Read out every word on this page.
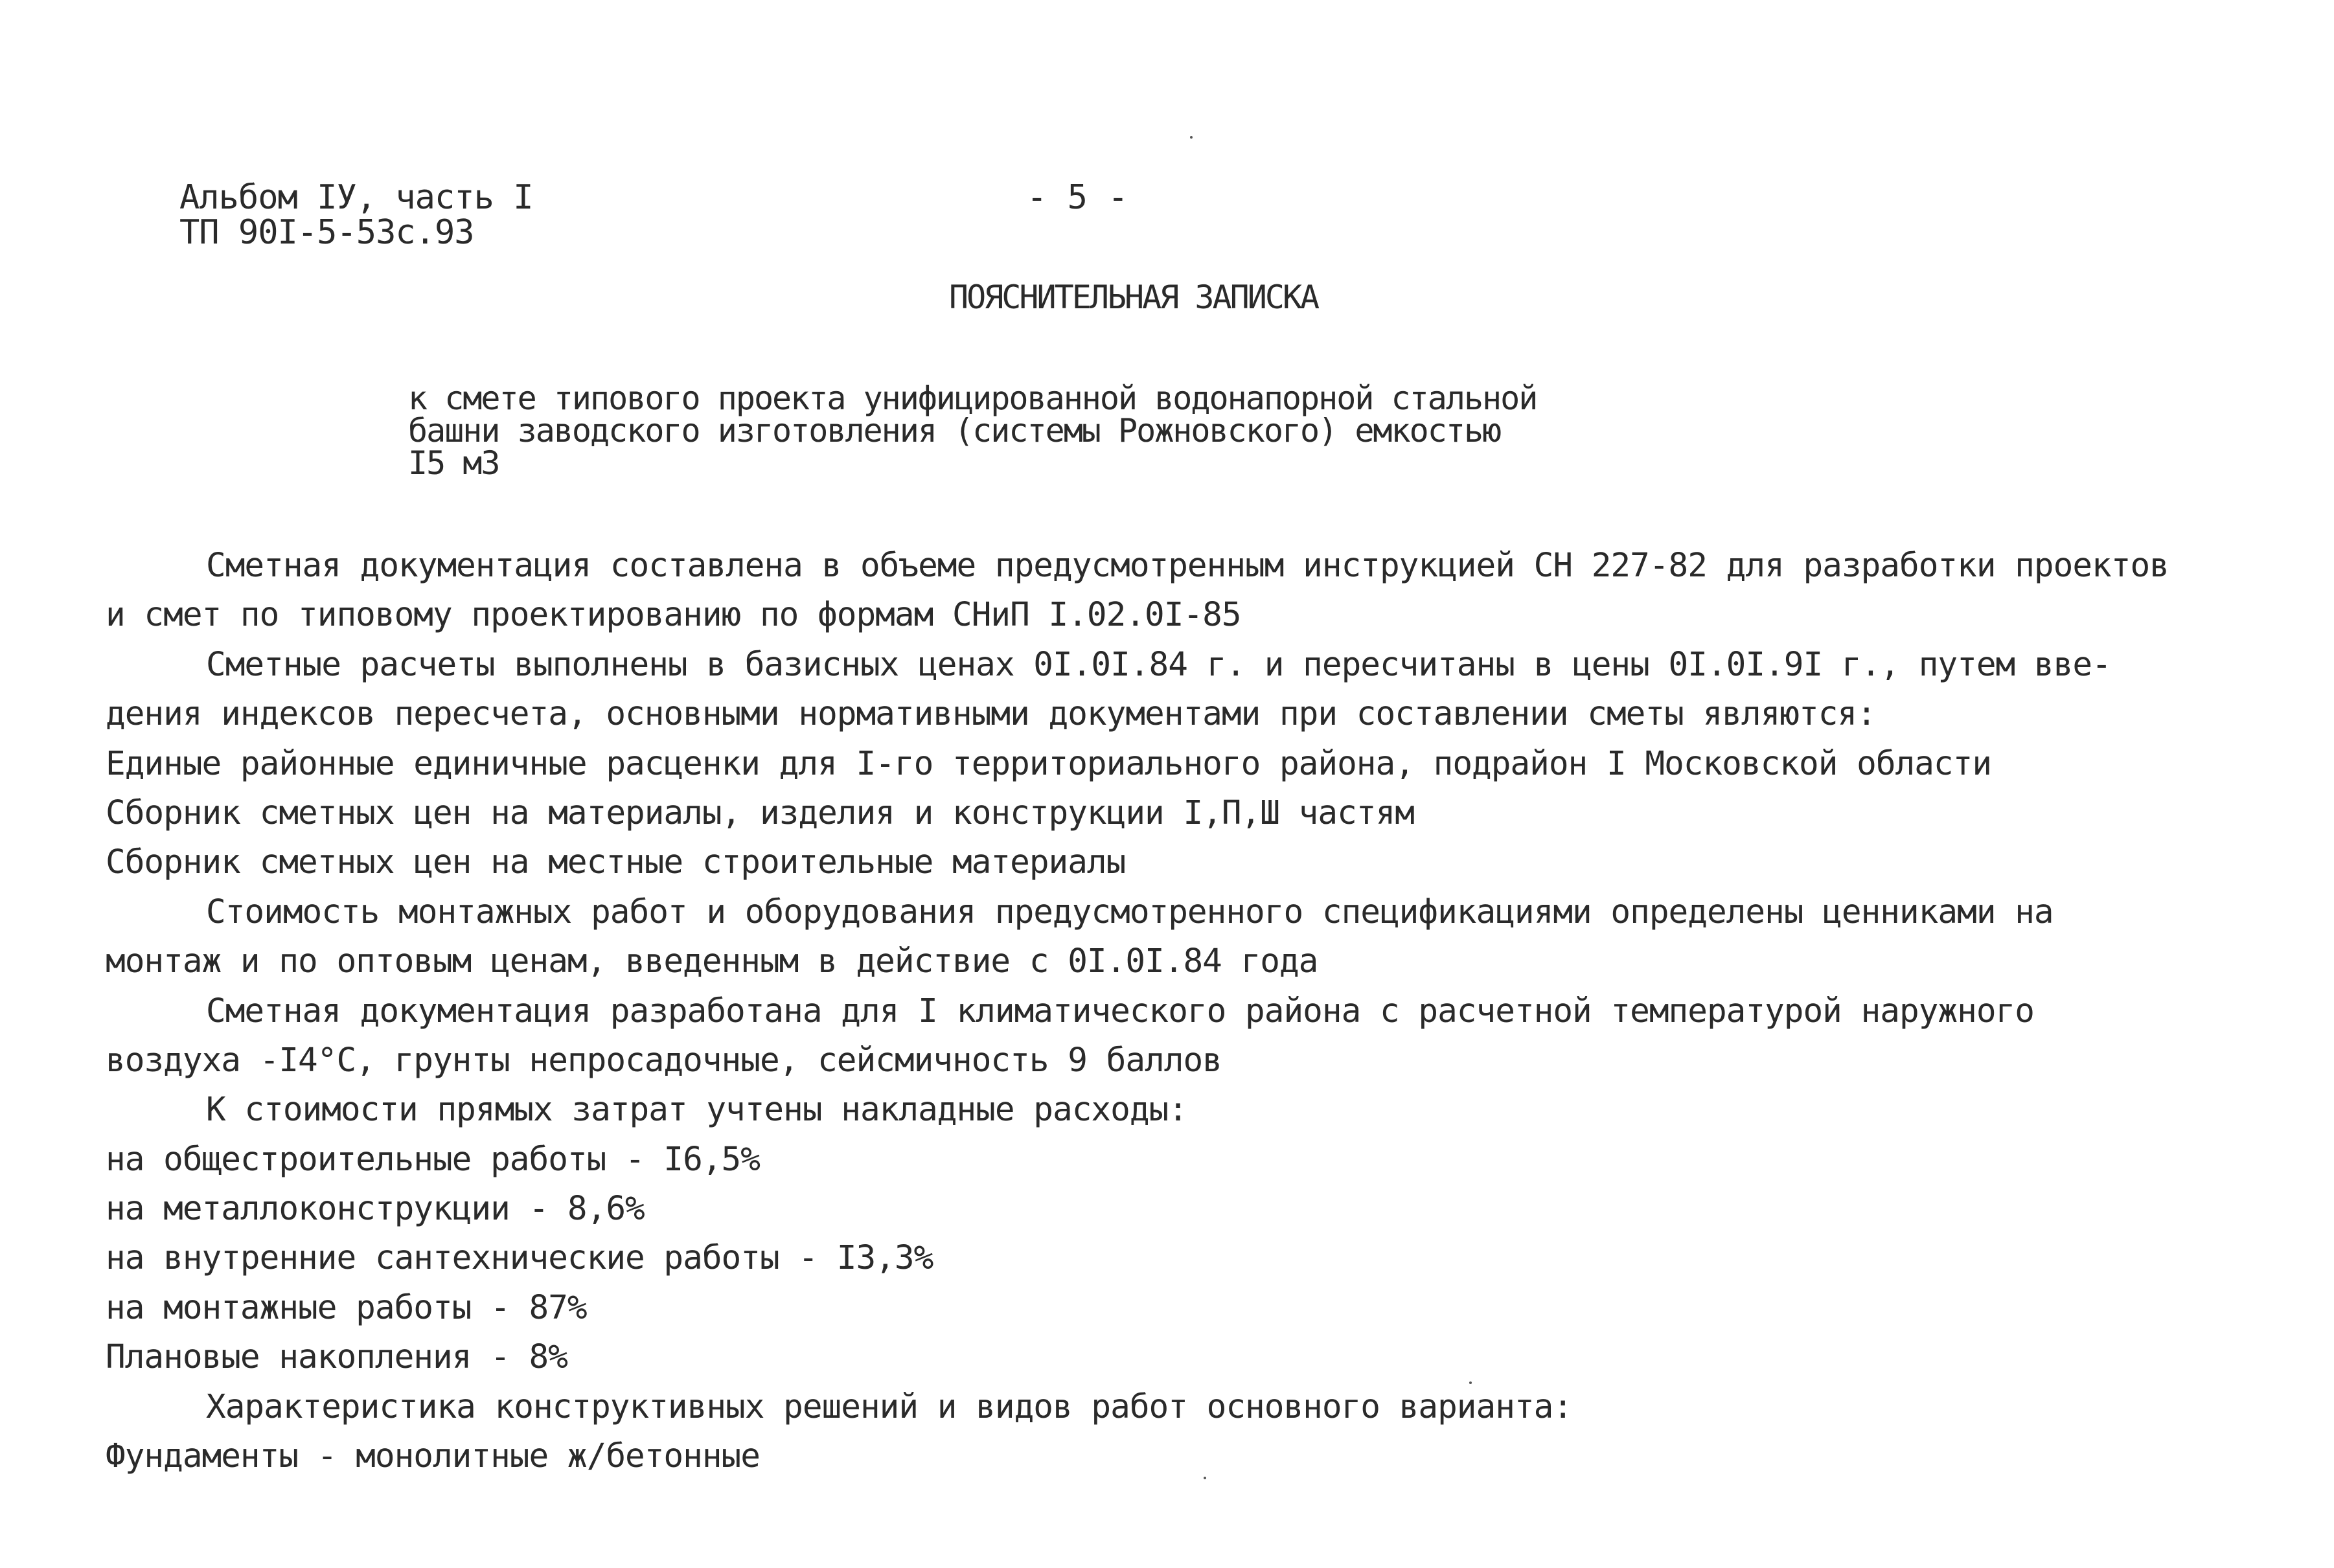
Альбом IУ, часть I
ТП 90I-5-53с.93
- 5 -
ПОЯСНИТЕЛЬНАЯ ЗАПИСКА
к смете типового проекта унифицированной водонапорной стальной
башни заводского изготовления (системы Рожновского) емкостью
I5 м3
Сметная документация составлена в объеме предусмотренным инструкцией СН 227-82 для разработки проектов
и смет по типовому проектированию по формам СНиП I.02.0I-85
Сметные расчеты выполнены в базисных ценах 0I.0I.84 г. и пересчитаны в цены 0I.0I.9I г., путем вве-
дения индексов пересчета, основными нормативными документами при составлении сметы являются:
Единые районные единичные расценки для I-го территориального района, подрайон I Московской области
Сборник сметных цен на материалы, изделия и конструкции I,П,Ш частям
Сборник сметных цен на местные строительные материалы
Стоимость монтажных работ и оборудования предусмотренного спецификациями определены ценниками на
монтаж и по оптовым ценам, введенным в действие с 0I.0I.84 года
Сметная документация разработана для I климатического района с расчетной температурой наружного
воздуха -I4°С, грунты непросадочные, сейсмичность 9 баллов
К стоимости прямых затрат учтены накладные расходы:
на общестроительные работы - I6,5%
на металлоконструкции - 8,6%
на внутренние сантехнические работы - I3,3%
на монтажные работы - 87%
Плановые накопления - 8%
Характеристика конструктивных решений и видов работ основного варианта:
Фундаменты - монолитные ж/бетонные
